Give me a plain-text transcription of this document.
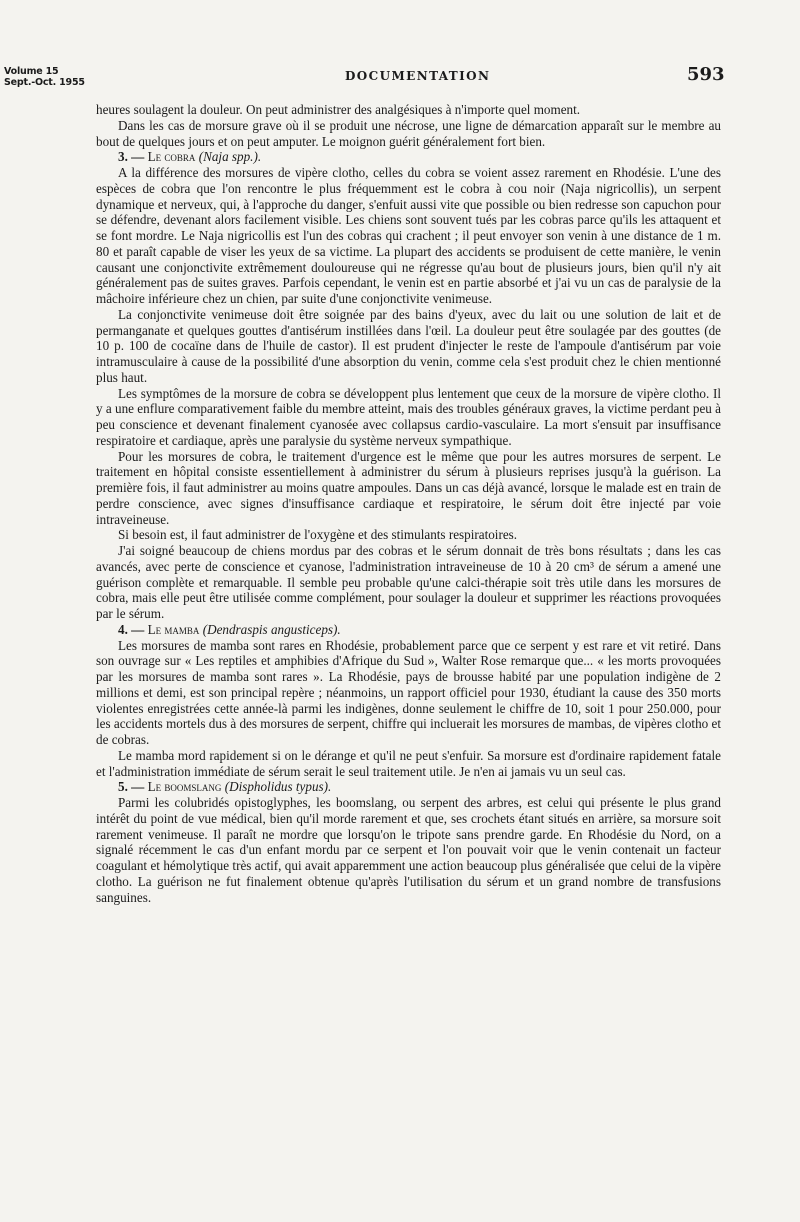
Volume 15
Sept.-Oct. 1955	DOCUMENTATION	593

heures soulagent la douleur. On peut administrer des analgésiques à n'importe quel moment.

Dans les cas de morsure grave où il se produit une nécrose, une ligne de démarcation apparaît sur le membre au bout de quelques jours et on peut amputer. Le moignon guérit généralement fort bien.

3. — Le cobra (Naja spp.).

A la différence des morsures de vipère clotho, celles du cobra se voient assez rarement en Rhodésie. L'une des espèces de cobra que l'on rencontre le plus fréquemment est le cobra à cou noir (Naja nigricollis), un serpent dynamique et nerveux, qui, à l'approche du danger, s'enfuit aussi vite que possible ou bien redresse son capuchon pour se défendre, devenant alors facilement visible. Les chiens sont souvent tués par les cobras parce qu'ils les attaquent et se font mordre. Le Naja nigricollis est l'un des cobras qui crachent ; il peut envoyer son venin à une distance de 1 m. 80 et paraît capable de viser les yeux de sa victime. La plupart des accidents se produisent de cette manière, le venin causant une conjonctivite extrêmement douloureuse qui ne régresse qu'au bout de plusieurs jours, bien qu'il n'y ait généralement pas de suites graves. Parfois cependant, le venin est en partie absorbé et j'ai vu un cas de paralysie de la mâchoire inférieure chez un chien, par suite d'une conjonctivite venimeuse.

La conjonctivite venimeuse doit être soignée par des bains d'yeux, avec du lait ou une solution de lait et de permanganate et quelques gouttes d'antisérum instillées dans l'œil. La douleur peut être soulagée par des gouttes (de 10 p. 100 de cocaïne dans de l'huile de castor). Il est prudent d'injecter le reste de l'ampoule d'antisérum par voie intramusculaire à cause de la possibilité d'une absorption du venin, comme cela s'est produit chez le chien mentionné plus haut.

Les symptômes de la morsure de cobra se développent plus lentement que ceux de la morsure de vipère clotho. Il y a une enflure comparativement faible du membre atteint, mais des troubles généraux graves, la victime perdant peu à peu conscience et devenant finalement cyanosée avec collapsus cardio-vasculaire. La mort s'ensuit par insuffisance respiratoire et cardiaque, après une paralysie du système nerveux sympathique.

Pour les morsures de cobra, le traitement d'urgence est le même que pour les autres morsures de serpent. Le traitement en hôpital consiste essentiellement à administrer du sérum à plusieurs reprises jusqu'à la guérison. La première fois, il faut administrer au moins quatre ampoules. Dans un cas déjà avancé, lorsque le malade est en train de perdre conscience, avec signes d'insuffisance cardiaque et respiratoire, le sérum doit être injecté par voie intraveineuse.

Si besoin est, il faut administrer de l'oxygène et des stimulants respiratoires.

J'ai soigné beaucoup de chiens mordus par des cobras et le sérum donnait de très bons résultats ; dans les cas avancés, avec perte de conscience et cyanose, l'administration intraveineuse de 10 à 20 cm³ de sérum a amené une guérison complète et remarquable. Il semble peu probable qu'une calci-thérapie soit très utile dans les morsures de cobra, mais elle peut être utilisée comme complément, pour soulager la douleur et supprimer les réactions provoquées par le sérum.

4. — Le mamba (Dendraspis angusticeps).

Les morsures de mamba sont rares en Rhodésie, probablement parce que ce serpent y est rare et vit retiré. Dans son ouvrage sur « Les reptiles et amphibies d'Afrique du Sud », Walter Rose remarque que... « les morts provoquées par les morsures de mamba sont rares ». La Rhodésie, pays de brousse habité par une population indigène de 2 millions et demi, est son principal repère ; néanmoins, un rapport officiel pour 1930, étudiant la cause des 350 morts violentes enregistrées cette année-là parmi les indigènes, donne seulement le chiffre de 10, soit 1 pour 250.000, pour les accidents mortels dus à des morsures de serpent, chiffre qui incluerait les morsures de mambas, de vipères clotho et de cobras.

Le mamba mord rapidement si on le dérange et qu'il ne peut s'enfuir. Sa morsure est d'ordinaire rapidement fatale et l'administration immédiate de sérum serait le seul traitement utile. Je n'en ai jamais vu un seul cas.

5. — Le boomslang (Dispholidus typus).

Parmi les colubridés opistoglyphes, les boomslang, ou serpent des arbres, est celui qui présente le plus grand intérêt du point de vue médical, bien qu'il morde rarement et que, ses crochets étant situés en arrière, sa morsure soit rarement venimeuse. Il paraît ne mordre que lorsqu'on le tripote sans prendre garde. En Rhodésie du Nord, on a signalé récemment le cas d'un enfant mordu par ce serpent et l'on pouvait voir que le venin contenait un facteur coagulant et hémolytique très actif, qui avait apparemment une action beaucoup plus généralisée que celui de la vipère clotho. La guérison ne fut finalement obtenue qu'après l'utilisation du sérum et un grand nombre de transfusions sanguines.
